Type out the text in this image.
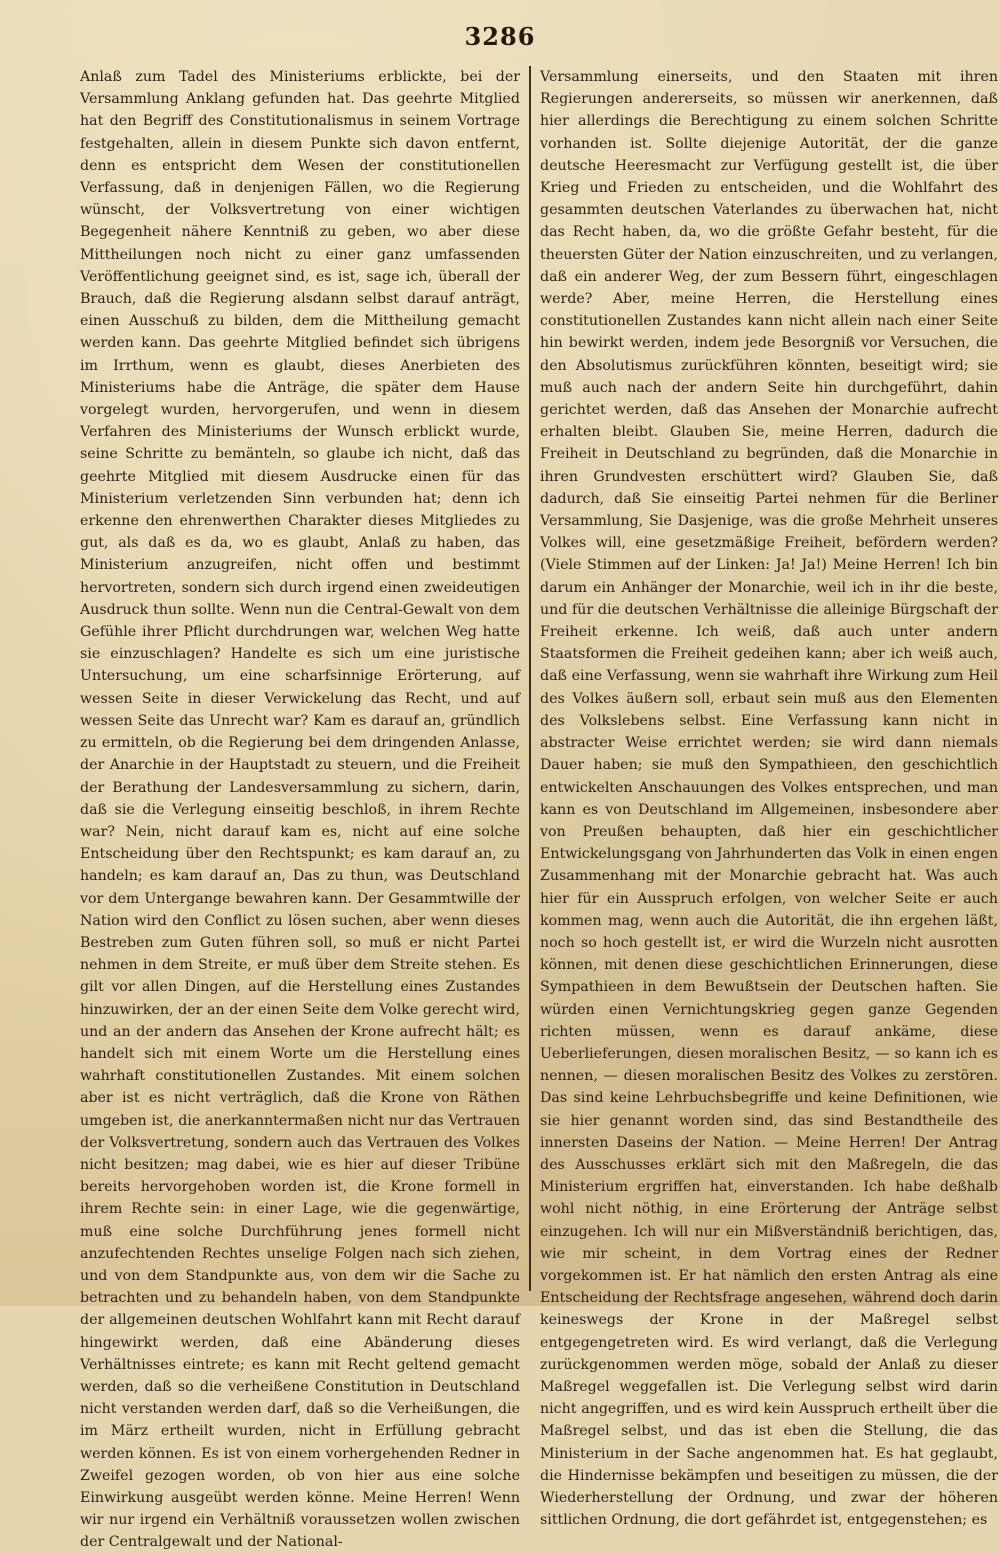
3286

Anlaß zum Tadel des Ministeriums erblickte, bei der Versammlung Anklang gefunden hat. Das geehrte Mitglied hat den Begriff des Constitutionalismus in seinem Vortrage festgehalten, allein in diesem Punkte sich davon entfernt, denn es entspricht dem Wesen der constitutionellen Verfassung, daß in denjenigen Fällen, wo die Regierung wünscht, der Volksvertretung von einer wichtigen Begegenheit nähere Kenntniß zu geben, wo aber diese Mittheilungen noch nicht zu einer ganz umfassenden Veröffentlichung geeignet sind, es ist, sage ich, überall der Brauch, daß die Regierung alsdann selbst darauf anträgt, einen Ausschuß zu bilden, dem die Mittheilung gemacht werden kann. Das geehrte Mitglied befindet sich übrigens im Irrthum, wenn es glaubt, dieses Anerbieten des Ministeriums habe die Anträge, die später dem Hause vorgelegt wurden, hervorgerufen, und wenn in diesem Verfahren des Ministeriums der Wunsch erblickt wurde, seine Schritte zu bemänteln, so glaube ich nicht, daß das geehrte Mitglied mit diesem Ausdrucke einen für das Ministerium verletzenden Sinn verbunden hat; denn ich erkenne den ehrenwerthen Charakter dieses Mitgliedes zu gut, als daß es da, wo es glaubt, Anlaß zu haben, das Ministerium anzugreifen, nicht offen und bestimmt hervortreten, sondern sich durch irgend einen zweideutigen Ausdruck thun sollte. Wenn nun die Central-Gewalt von dem Gefühle ihrer Pflicht durchdrungen war, welchen Weg hatte sie einzuschlagen? Handelte es sich um eine juristische Untersuchung, um eine scharfsinnige Erörterung, auf wessen Seite in dieser Verwickelung das Recht, und auf wessen Seite das Unrecht war? Kam es darauf an, gründlich zu ermitteln, ob die Regierung bei dem dringenden Anlasse, der Anarchie in der Hauptstadt zu steuern, und die Freiheit der Berathung der Landesversammlung zu sichern, darin, daß sie die Verlegung einseitig beschloß, in ihrem Rechte war? Nein, nicht darauf kam es, nicht auf eine solche Entscheidung über den Rechtspunkt; es kam darauf an, zu handeln; es kam darauf an, Das zu thun, was Deutschland vor dem Untergange bewahren kann. Der Gesammtwille der Nation wird den Conflict zu lösen suchen, aber wenn dieses Bestreben zum Guten führen soll, so muß er nicht Partei nehmen in dem Streite, er muß über dem Streite stehen. Es gilt vor allen Dingen, auf die Herstellung eines Zustandes hinzuwirken, der an der einen Seite dem Volke gerecht wird, und an der andern das Ansehen der Krone aufrecht hält; es handelt sich mit einem Worte um die Herstellung eines wahrhaft constitutionellen Zustandes. Mit einem solchen aber ist es nicht verträglich, daß die Krone von Räthen umgeben ist, die anerkanntermaßen nicht nur das Vertrauen der Volksvertretung, sondern auch das Vertrauen des Volkes nicht besitzen; mag dabei, wie es hier auf dieser Tribüne bereits hervorgehoben worden ist, die Krone formell in ihrem Rechte sein: in einer Lage, wie die gegenwärtige, muß eine solche Durchführung jenes formell nicht anzufechtenden Rechtes unselige Folgen nach sich ziehen, und von dem Standpunkte aus, von dem wir die Sache zu betrachten und zu behandeln haben, von dem Standpunkte der allgemeinen deutschen Wohlfahrt kann mit Recht darauf hingewirkt werden, daß eine Abänderung dieses Verhältnisses eintrete; es kann mit Recht geltend gemacht werden, daß so die verheißene Constitution in Deutschland nicht verstanden werden darf, daß so die Verheißungen, die im März ertheilt wurden, nicht in Erfüllung gebracht werden können. Es ist von einem vorhergehenden Redner in Zweifel gezogen worden, ob von hier aus eine solche Einwirkung ausgeübt werden könne. Meine Herren! Wenn wir nur irgend ein Verhältniß voraussetzen wollen zwischen der Centralgewalt und der National-

Versammlung einerseits, und den Staaten mit ihren Regierungen andererseits, so müssen wir anerkennen, daß hier allerdings die Berechtigung zu einem solchen Schritte vorhanden ist. Sollte diejenige Autorität, der die ganze deutsche Heeresmacht zur Verfügung gestellt ist, die über Krieg und Frieden zu entscheiden, und die Wohlfahrt des gesammten deutschen Vaterlandes zu überwachen hat, nicht das Recht haben, da, wo die größte Gefahr besteht, für die theuersten Güter der Nation einzuschreiten, und zu verlangen, daß ein anderer Weg, der zum Bessern führt, eingeschlagen werde? Aber, meine Herren, die Herstellung eines constitutionellen Zustandes kann nicht allein nach einer Seite hin bewirkt werden, indem jede Besorgniß vor Versuchen, die den Absolutismus zurückführen könnten, beseitigt wird; sie muß auch nach der andern Seite hin durchgeführt, dahin gerichtet werden, daß das Ansehen der Monarchie aufrecht erhalten bleibt. Glauben Sie, meine Herren, dadurch die Freiheit in Deutschland zu begründen, daß die Monarchie in ihren Grundvesten erschüttert wird? Glauben Sie, daß dadurch, daß Sie einseitig Partei nehmen für die Berliner Versammlung, Sie Dasjenige, was die große Mehrheit unseres Volkes will, eine gesetzmäßige Freiheit, befördern werden? (Viele Stimmen auf der Linken: Ja! Ja!) Meine Herren! Ich bin darum ein Anhänger der Monarchie, weil ich in ihr die beste, und für die deutschen Verhältnisse die alleinige Bürgschaft der Freiheit erkenne. Ich weiß, daß auch unter andern Staatsformen die Freiheit gedeihen kann; aber ich weiß auch, daß eine Verfassung, wenn sie wahrhaft ihre Wirkung zum Heil des Volkes äußern soll, erbaut sein muß aus den Elementen des Volkslebens selbst. Eine Verfassung kann nicht in abstracter Weise errichtet werden; sie wird dann niemals Dauer haben; sie muß den Sympathieen, den geschichtlich entwickelten Anschauungen des Volkes entsprechen, und man kann es von Deutschland im Allgemeinen, insbesondere aber von Preußen behaupten, daß hier ein geschichtlicher Entwickelungsgang von Jahrhunderten das Volk in einen engen Zusammenhang mit der Monarchie gebracht hat. Was auch hier für ein Ausspruch erfolgen, von welcher Seite er auch kommen mag, wenn auch die Autorität, die ihn ergehen läßt, noch so hoch gestellt ist, er wird die Wurzeln nicht ausrotten können, mit denen diese geschichtlichen Erinnerungen, diese Sympathieen in dem Bewußtsein der Deutschen haften. Sie würden einen Vernichtungskrieg gegen ganze Gegenden richten müssen, wenn es darauf ankäme, diese Ueberlieferungen, diesen moralischen Besitz, — so kann ich es nennen, — diesen moralischen Besitz des Volkes zu zerstören. Das sind keine Lehrbuchsbegriffe und keine Definitionen, wie sie hier genannt worden sind, das sind Bestandtheile des innersten Daseins der Nation. — Meine Herren! Der Antrag des Ausschusses erklärt sich mit den Maßregeln, die das Ministerium ergriffen hat, einverstanden. Ich habe deßhalb wohl nicht nöthig, in eine Erörterung der Anträge selbst einzugehen. Ich will nur ein Mißverständniß berichtigen, das, wie mir scheint, in dem Vortrag eines der Redner vorgekommen ist. Er hat nämlich den ersten Antrag als eine Entscheidung der Rechtsfrage angesehen, während doch darin keineswegs der Krone in der Maßregel selbst entgegengetreten wird. Es wird verlangt, daß die Verlegung zurückgenommen werden möge, sobald der Anlaß zu dieser Maßregel weggefallen ist. Die Verlegung selbst wird darin nicht angegriffen, und es wird kein Ausspruch ertheilt über die Maßregel selbst, und das ist eben die Stellung, die das Ministerium in der Sache angenommen hat. Es hat geglaubt, die Hindernisse bekämpfen und beseitigen zu müssen, die der Wiederherstellung der Ordnung, und zwar der höheren sittlichen Ordnung, die dort gefährdet ist, entgegenstehen; es
